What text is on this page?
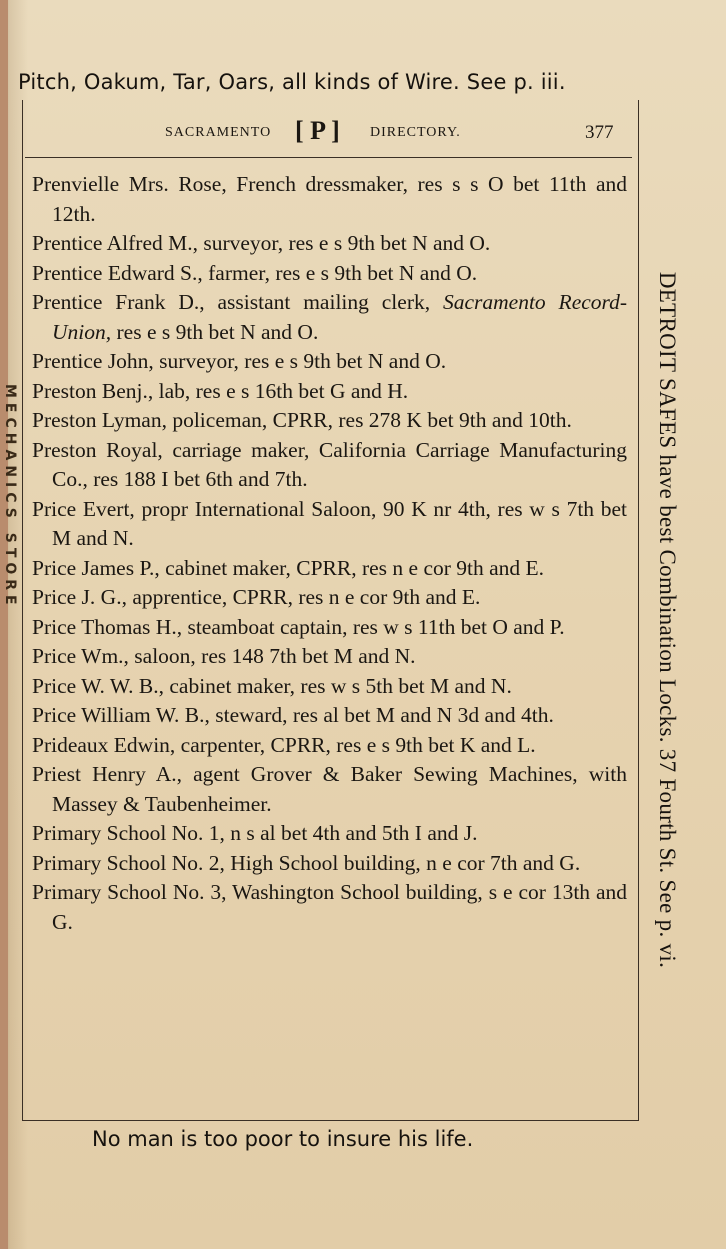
Pitch, Oakum, Tar, Oars, all kinds of Wire. See p. iii.
SACRAMENTO [ P ] DIRECTORY.	377

Prenvielle Mrs. Rose, French dressmaker, res s s O bet 11th and 12th.

Prentice Alfred M., surveyor, res e s 9th bet N and O.

Prentice Edward S., farmer, res e s 9th bet N and O.

Prentice Frank D., assistant mailing clerk, Sacramento Record-Union, res e s 9th bet N and O.

Prentice John, surveyor, res e s 9th bet N and O.

Preston Benj., lab, res e s 16th bet G and H.

Preston Lyman, policeman, CPRR, res 278 K bet 9th and 10th.

Preston Royal, carriage maker, California Carriage Manufacturing Co., res 188 I bet 6th and 7th.

Price Evert, propr International Saloon, 90 K nr 4th, res w s 7th bet M and N.

Price James P., cabinet maker, CPRR, res n e cor 9th and E.

Price J. G., apprentice, CPRR, res n e cor 9th and E.

Price Thomas H., steamboat captain, res w s 11th bet O and P.

Price Wm., saloon, res 148 7th bet M and N.

Price W. W. B., cabinet maker, res w s 5th bet M and N.

Price William W. B., steward, res al bet M and N 3d and 4th.

Prideaux Edwin, carpenter, CPRR, res e s 9th bet K and L.

Priest Henry A., agent Grover & Baker Sewing Machines, with Massey & Taubenheimer.

Primary School No. 1, n s al bet 4th and 5th I and J.

Primary School No. 2, High School building, n e cor 7th and G.

Primary School No. 3, Washington School building, s e cor 13th and G.

MECHANICS STORE	DETROIT SAFES have best Combination Locks. 37 Fourth St. See p. vi.
No man is too poor to insure his life.
